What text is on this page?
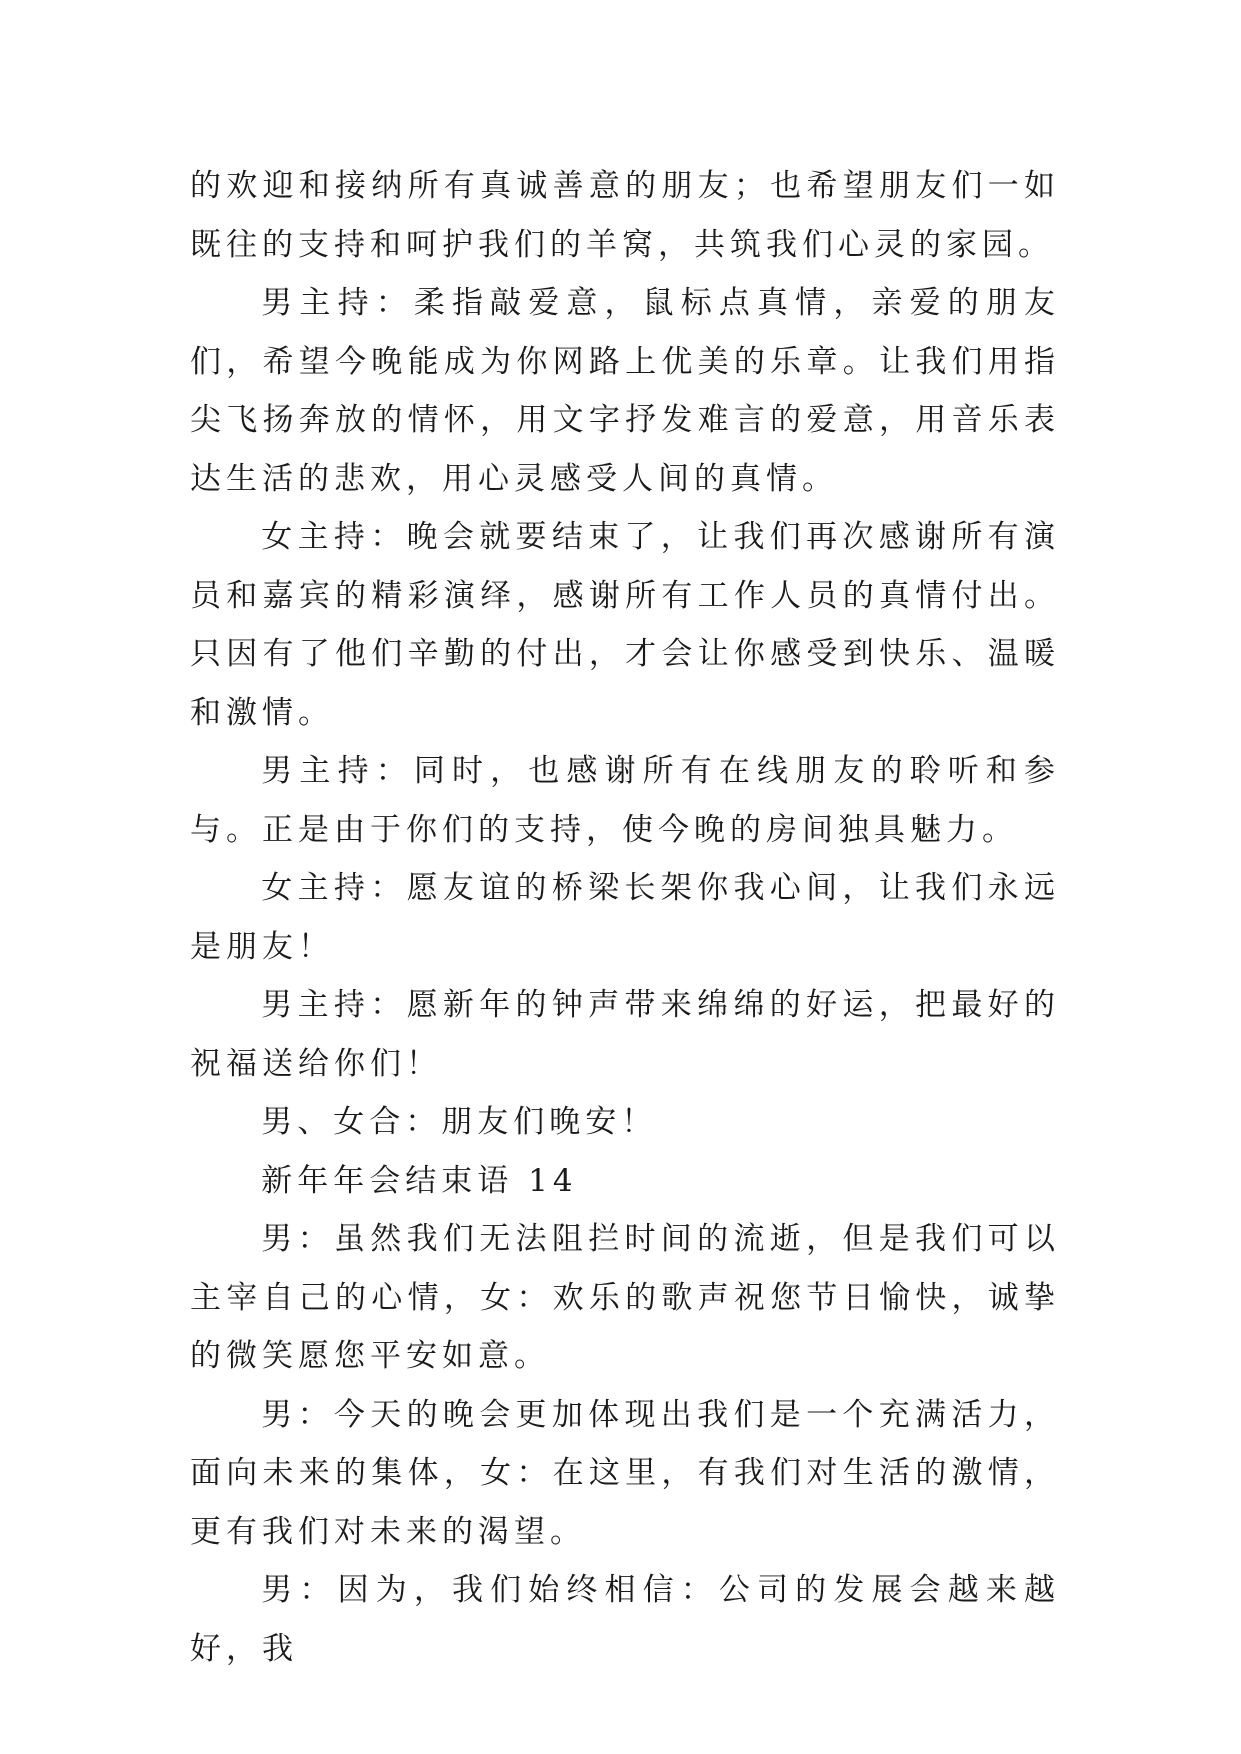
的欢迎和接纳所有真诚善意的朋友；也希望朋友们一如既往的支持和呵护我们的羊窝，共筑我们心灵的家园。

男主持：柔指敲爱意，鼠标点真情，亲爱的朋友们，希望今晚能成为你网路上优美的乐章。让我们用指尖飞扬奔放的情怀，用文字抒发难言的爱意，用音乐表达生活的悲欢，用心灵感受人间的真情。

女主持：晚会就要结束了，让我们再次感谢所有演员和嘉宾的精彩演绎，感谢所有工作人员的真情付出。只因有了他们辛勤的付出，才会让你感受到快乐、温暖和激情。

男主持：同时，也感谢所有在线朋友的聆听和参与。正是由于你们的支持，使今晚的房间独具魅力。

女主持：愿友谊的桥梁长架你我心间，让我们永远是朋友！

男主持：愿新年的钟声带来绵绵的好运，把最好的祝福送给你们！

男、女合：朋友们晚安！

新年年会结束语 14

男：虽然我们无法阻拦时间的流逝，但是我们可以主宰自己的心情，女：欢乐的歌声祝您节日愉快，诚挚的微笑愿您平安如意。

男：今天的晚会更加体现出我们是一个充满活力，面向未来的集体，女：在这里，有我们对生活的激情，更有我们对未来的渴望。

男：因为，我们始终相信：公司的发展会越来越好，我
